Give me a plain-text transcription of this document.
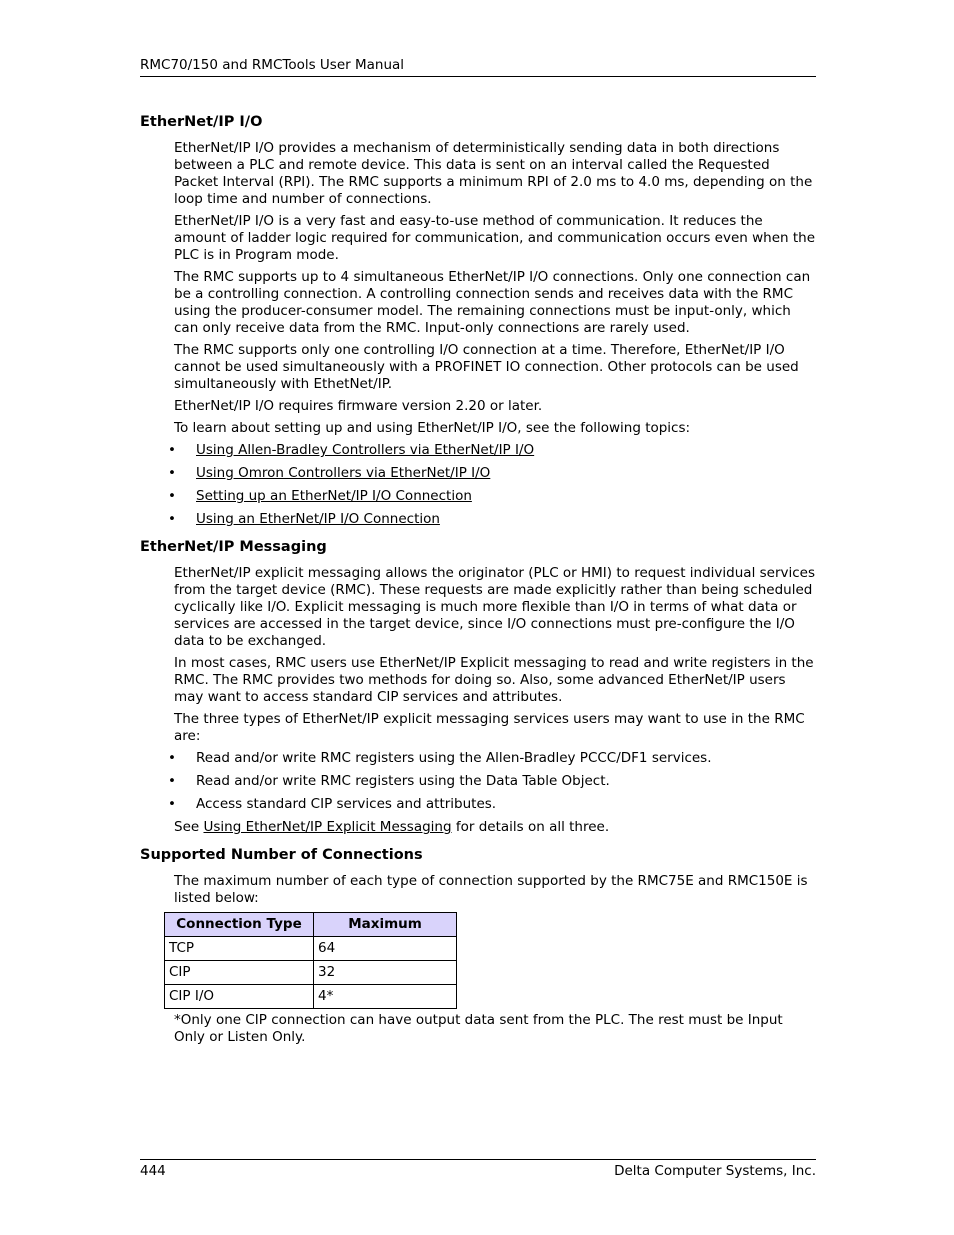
RMC70/150 and RMCTools User Manual
EtherNet/IP I/O

EtherNet/IP I/O provides a mechanism of deterministically sending data in both directions between a PLC and remote device. This data is sent on an interval called the Requested Packet Interval (RPI). The RMC supports a minimum RPI of 2.0 ms to 4.0 ms, depending on the loop time and number of connections.

EtherNet/IP I/O is a very fast and easy-to-use method of communication. It reduces the amount of ladder logic required for communication, and communication occurs even when the PLC is in Program mode.

The RMC supports up to 4 simultaneous EtherNet/IP I/O connections. Only one connection can be a controlling connection. A controlling connection sends and receives data with the RMC using the producer-consumer model. The remaining connections must be input-only, which can only receive data from the RMC. Input-only connections are rarely used.

The RMC supports only one controlling I/O connection at a time. Therefore, EtherNet/IP I/O cannot be used simultaneously with a PROFINET IO connection. Other protocols can be used simultaneously with EthetNet/IP.

EtherNet/IP I/O requires firmware version 2.20 or later.

To learn about setting up and using EtherNet/IP I/O, see the following topics:

• Using Allen-Bradley Controllers via EtherNet/IP I/O
• Using Omron Controllers via EtherNet/IP I/O
• Setting up an EtherNet/IP I/O Connection
• Using an EtherNet/IP I/O Connection
EtherNet/IP Messaging

EtherNet/IP explicit messaging allows the originator (PLC or HMI) to request individual services from the target device (RMC). These requests are made explicitly rather than being scheduled cyclically like I/O. Explicit messaging is much more flexible than I/O in terms of what data or services are accessed in the target device, since I/O connections must pre-configure the I/O data to be exchanged.

In most cases, RMC users use EtherNet/IP Explicit messaging to read and write registers in the RMC. The RMC provides two methods for doing so. Also, some advanced EtherNet/IP users may want to access standard CIP services and attributes.

The three types of EtherNet/IP explicit messaging services users may want to use in the RMC are:

• Read and/or write RMC registers using the Allen-Bradley PCCC/DF1 services.
• Read and/or write RMC registers using the Data Table Object.
• Access standard CIP services and attributes.

See Using EtherNet/IP Explicit Messaging for details on all three.

Supported Number of Connections

The maximum number of each type of connection supported by the RMC75E and RMC150E is listed below:

Connection Type	Maximum
TCP	64
CIP	32
CIP I/O	4*

*Only one CIP connection can have output data sent from the PLC. The rest must be Input Only or Listen Only.

444	Delta Computer Systems, Inc.
